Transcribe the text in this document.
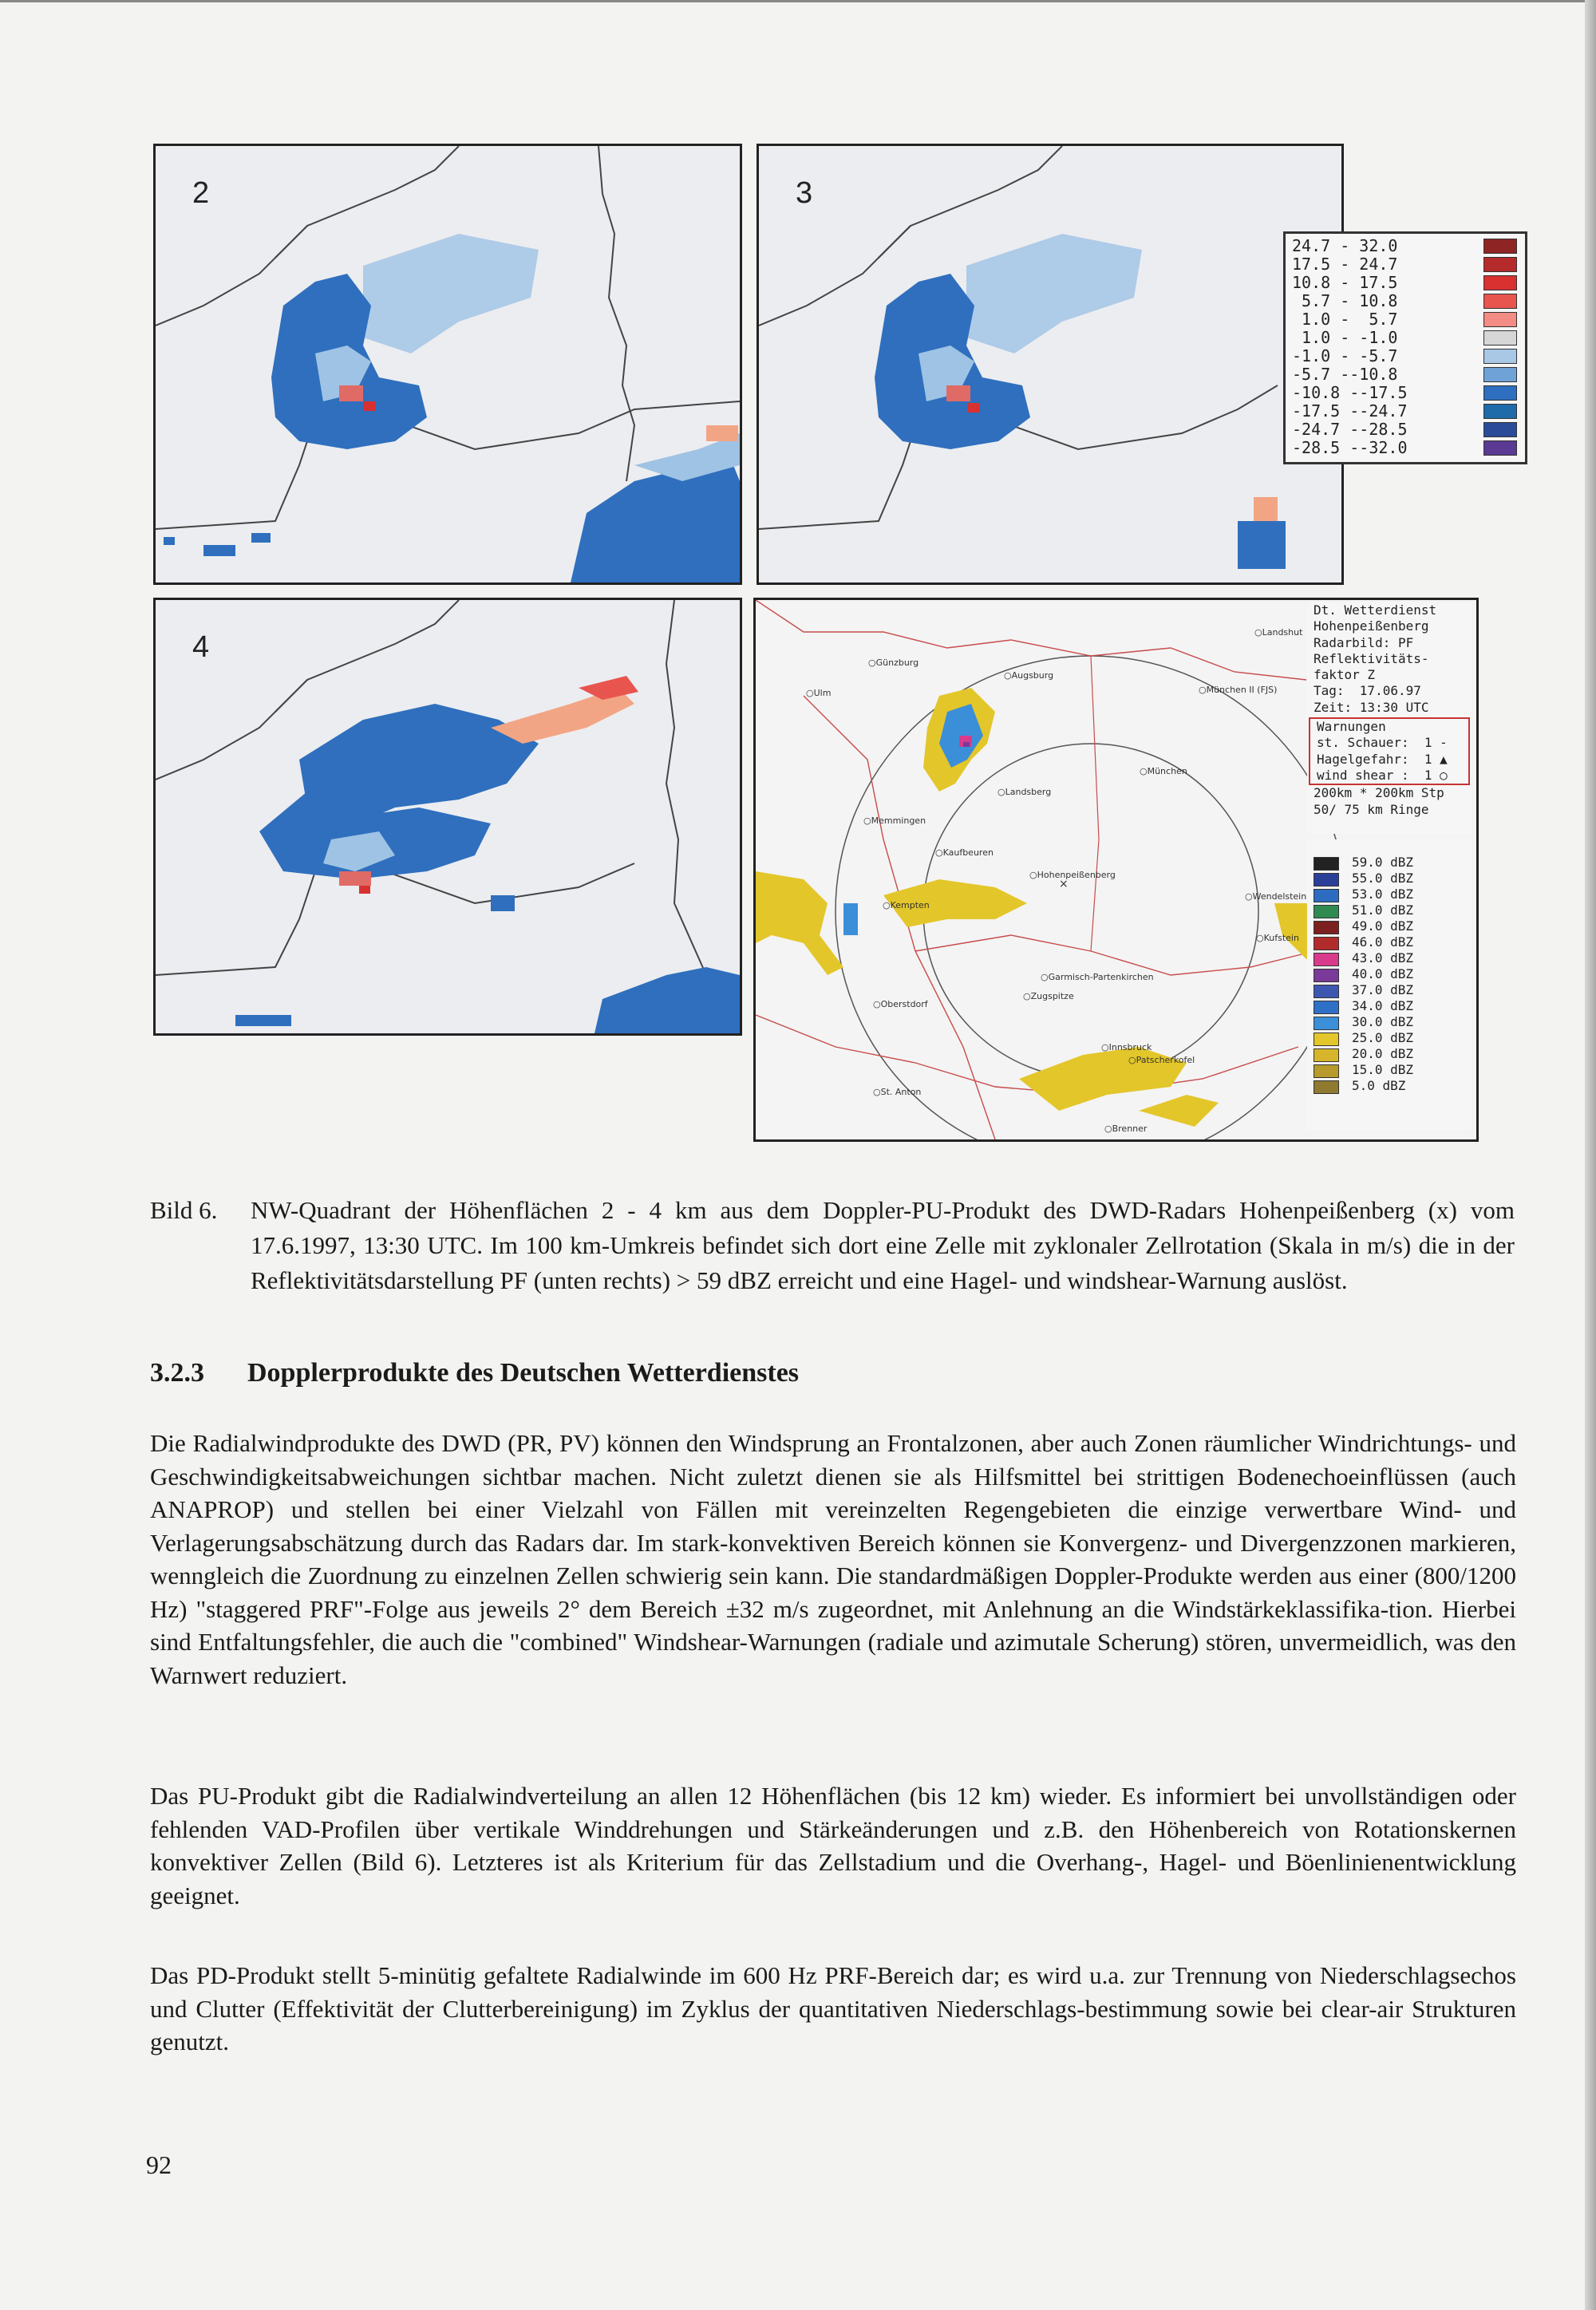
2	3
24.7 - 32.0
17.5 - 24.7
10.8 - 17.5
5.7 - 10.8
1.0 -  5.7
1.0 - -1.0
-1.0 - -5.7
-5.7 --10.8
-10.8 --17.5
-17.5 --24.7
-24.7 --28.5
-28.5 --32.0
4
×
Dt. Wetterdienst
Hohenpeißenberg
Radarbild: PF
Reflektivitäts-
faktor Z
Tag:  17.06.97
Zeit: 13:30 UTC
Warnungen
st. Schauer:  1 -
Hagelgefahr:  1 ▲
wind shear :  1 ○
200km * 200km Stp
50/ 75 km Ringe
59.0 dBZ
55.0 dBZ
53.0 dBZ
51.0 dBZ
49.0 dBZ
46.0 dBZ
43.0 dBZ
40.0 dBZ
37.0 dBZ
34.0 dBZ
30.0 dBZ
25.0 dBZ
20.0 dBZ
15.0 dBZ
5.0 dBZ
○Günzburg
○Augsburg
○Ulm	○München II (FJS)
○Landshut
○Landsberg
○München
○Memmingen
○Kaufbeuren
○Kempten
○Hohenpeißenberg
○Wendelstein
○Kufstein
○Garmisch-Partenkirchen
○Oberstdorf
○Zugspitze
○Innsbruck
○St. Anton
○Patscherkofel
○Brenner
Bild 6. NW-Quadrant der Höhenflächen 2 - 4 km aus dem Doppler-PU-Produkt des DWD-Radars Hohenpeißenberg (x) vom 17.6.1997, 13:30 UTC. Im 100 km-Umkreis befindet sich dort eine Zelle mit zyklonaler Zellrotation (Skala in m/s) die in der Reflektivitätsdarstellung PF (unten rechts) > 59 dBZ erreicht und eine Hagel- und windshear-Warnung auslöst.
3.2.3 Dopplerprodukte des Deutschen Wetterdienstes
Die Radialwindprodukte des DWD (PR, PV) können den Windsprung an Frontalzonen, aber auch Zonen räumlicher Windrichtungs- und Geschwindigkeitsabweichungen sichtbar machen. Nicht zuletzt dienen sie als Hilfsmittel bei strittigen Bodenechoeinflüssen (auch ANAPROP) und stellen bei einer Vielzahl von Fällen mit vereinzelten Regengebieten die einzige verwertbare Wind- und Verlagerungsabschätzung durch das Radars dar. Im stark-konvektiven Bereich können sie Konvergenz- und Divergenzzonen markieren, wenngleich die Zuordnung zu einzelnen Zellen schwierig sein kann. Die standardmäßigen Doppler-Produkte werden aus einer (800/1200 Hz) "staggered PRF"-Folge aus jeweils 2° dem Bereich ±32 m/s zugeordnet, mit Anlehnung an die Windstärkeklassifika-tion. Hierbei sind Entfaltungsfehler, die auch die "combined" Windshear-Warnungen (radiale und azimutale Scherung) stören, unvermeidlich, was den Warnwert reduziert.
Das PU-Produkt gibt die Radialwindverteilung an allen 12 Höhenflächen (bis 12 km) wieder. Es informiert bei unvollständigen oder fehlenden VAD-Profilen über vertikale Winddrehungen und Stärkeänderungen und z.B. den Höhenbereich von Rotationskernen konvektiver Zellen (Bild 6). Letzteres ist als Kriterium für das Zellstadium und die Overhang-, Hagel- und Böenlinienentwicklung geeignet.
Das PD-Produkt stellt 5-minütig gefaltete Radialwinde im 600 Hz PRF-Bereich dar; es wird u.a. zur Trennung von Niederschlagsechos und Clutter (Effektivität der Clutterbereinigung) im Zyklus der quantitativen Niederschlags-bestimmung sowie bei clear-air Strukturen genutzt.
92
